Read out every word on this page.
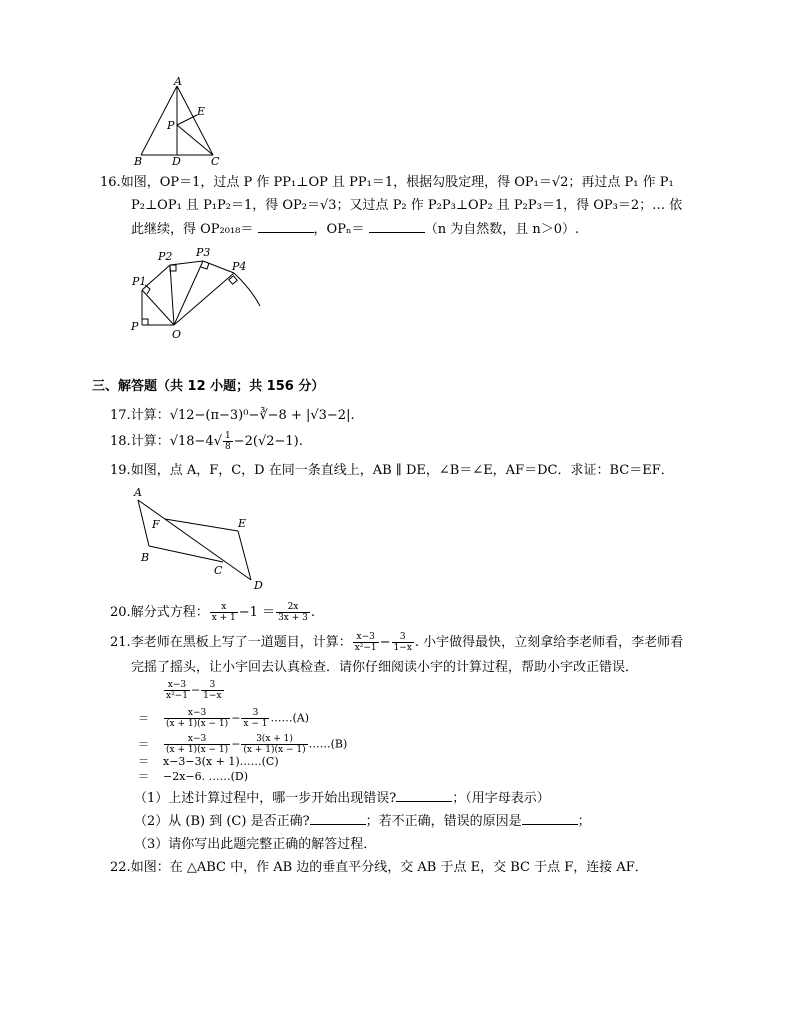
A
B	C
D
E
P
16.如图，OP＝1，过点 P 作 PP₁⊥OP 且 PP₁＝1，根据勾股定理，得 OP₁＝√2；再过点 P₁ 作 P₁
P₂⊥OP₁ 且 P₁P₂＝1，得 OP₂＝√3；又过点 P₂ 作 P₂P₃⊥OP₂ 且 P₂P₃＝1，得 OP₃＝2；… 依
此继续，得 OP₂₀₁₈＝	，OPₙ＝	（n 为自然数，且 n＞0）.
P
P1
P2 P3
P4
O
三、解答题（共 12 小题；共 156 分）
17.计算：√12−(π−3)⁰−∛−8 + |√3−2|.
18.计算：$√18-4√ \frac{1}{8} -2(√2-1)$.
19.如图，点 A，F，C，D 在同一条直线上，AB ∥ DE，∠B＝∠E，AF＝DC．求证：BC＝EF．
A
F	E
B
C
D
20.解分式方程： $\frac{x}{x + 1} -1 = \frac{2x}{3x + 3}$ .
21.李老师在黑板上写了一道题目，计算： $\frac{x-3}{\text{x²−1}} - \frac{3}{1-x}$ . 小宇做得最快，立刻拿给李老师看，李老师看
完摇了摇头，让小宇回去认真检查．请你仔细阅读小宇的计算过程，帮助小宇改正错误．
$\frac{x-3}{\text{x²−1}} - \frac{3}{1-x}$
＝ $\frac{x-3}{(x + 1)(x - 1)} - \frac{3}{x - 1}$ ……(A)
＝ $\frac{x-3}{(x + 1)(x - 1)} - \frac{3(x + 1)}{(x + 1)(x - 1)}$ ……(B)
＝ x−3−3(x + 1)……(C)
＝ −2x−6. ……(D)
（1）上述计算过程中，哪一步开始出现错误?	；（用字母表示）
（2）从 (B) 到 (C) 是否正确?	；若不正确，错误的原因是	；
（3）请你写出此题完整正确的解答过程．
22.如图：在 △ABC 中，作 AB 边的垂直平分线，交 AB 于点 E，交 BC 于点 F，连接 AF．
